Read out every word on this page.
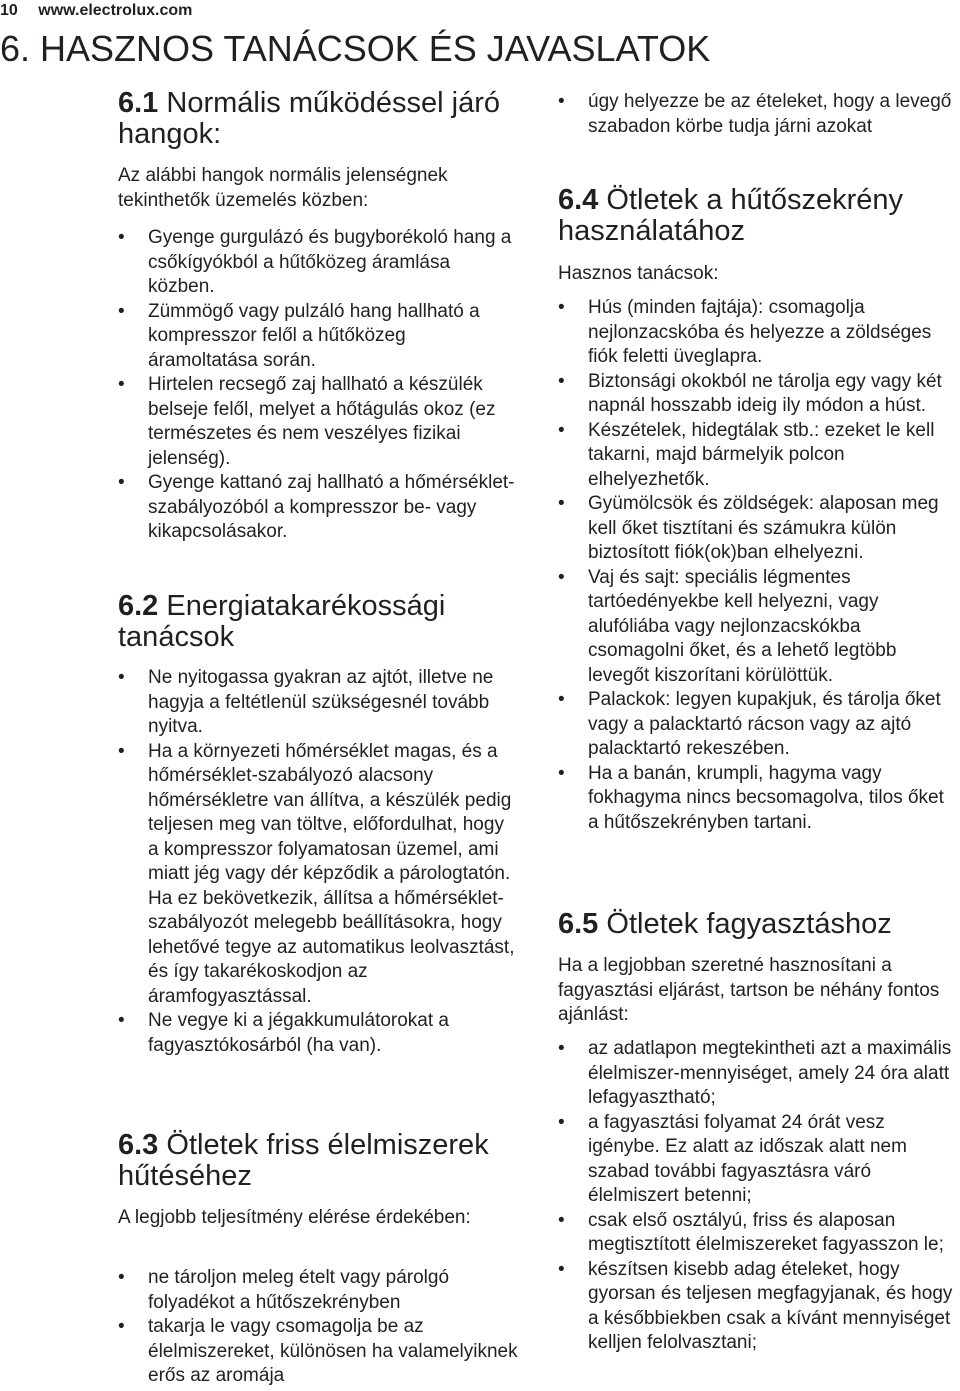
10 www.electrolux.com
6. HASZNOS TANÁCSOK ÉS JAVASLATOK
6.1 Normális működéssel járó hangok:

Az alábbi hangok normális jelenségnek tekinthetők üzemelés közben:

• Gyenge gurgulázó és bugyborékoló hang a csőkígyókból a hűtőközeg áramlása közben.
• Zümmögő vagy pulzáló hang hallható a kompresszor felől a hűtőközeg áramoltatása során.
• Hirtelen recsegő zaj hallható a készülék belseje felől, melyet a hőtágulás okoz (ez természetes és nem veszélyes fizikai jelenség).
• Gyenge kattanó zaj hallható a hőmérséklet-szabályozóból a kompresszor be- vagy kikapcsolásakor.
6.2 Energiatakarékossági tanácsok
• Ne nyitogassa gyakran az ajtót, illetve ne hagyja a feltétlenül szükségesnél tovább nyitva.
• Ha a környezeti hőmérséklet magas, és a hőmérséklet-szabályozó alacsony hőmérsékletre van állítva, a készülék pedig teljesen meg van töltve, előfordulhat, hogy a kompresszor folyamatosan üzemel, ami miatt jég vagy dér képződik a párologtatón. Ha ez bekövetkezik, állítsa a hőmérséklet-szabályozót melegebb beállításokra, hogy lehetővé tegye az automatikus leolvasztást, és így takarékoskodjon az áramfogyasztással.
• Ne vegye ki a jégakkumulátorokat a fagyasztókosárból (ha van).
6.3 Ötletek friss élelmiszerek hűtéséhez

A legjobb teljesítmény elérése érdekében:

• ne tároljon meleg ételt vagy párolgó folyadékot a hűtőszekrényben
• takarja le vagy csomagolja be az élelmiszereket, különösen ha valamelyiknek erős az aromája
• úgy helyezze be az ételeket, hogy a levegő szabadon körbe tudja járni azokat
6.4 Ötletek a hűtőszekrény használatához

Hasznos tanácsok:

• Hús (minden fajtája): csomagolja nejlonzacskóba és helyezze a zöldséges fiók feletti üveglapra.
• Biztonsági okokból ne tárolja egy vagy két napnál hosszabb ideig ily módon a húst.
• Készételek, hidegtálak stb.: ezeket le kell takarni, majd bármelyik polcon elhelyezhetők.
• Gyümölcsök és zöldségek: alaposan meg kell őket tisztítani és számukra külön biztosított fiók(ok)ban elhelyezni.
• Vaj és sajt: speciális légmentes tartóedényekbe kell helyezni, vagy alufóliába vagy nejlonzacskókba csomagolni őket, és a lehető legtöbb levegőt kiszorítani körülöttük.
• Palackok: legyen kupakjuk, és tárolja őket vagy a palacktartó rácson vagy az ajtó palacktartó rekeszében.
• Ha a banán, krumpli, hagyma vagy fokhagyma nincs becsomagolva, tilos őket a hűtőszekrényben tartani.
6.5 Ötletek fagyasztáshoz

Ha a legjobban szeretné hasznosítani a fagyasztási eljárást, tartson be néhány fontos ajánlást:

• az adatlapon megtekintheti azt a maximális élelmiszer-mennyiséget, amely 24 óra alatt lefagyasztható;
• a fagyasztási folyamat 24 órát vesz igénybe. Ez alatt az időszak alatt nem szabad további fagyasztásra váró élelmiszert betenni;
• csak első osztályú, friss és alaposan megtisztított élelmiszereket fagyasszon le;
• készítsen kisebb adag ételeket, hogy gyorsan és teljesen megfagyjanak, és hogy a későbbiekben csak a kívánt mennyiséget kelljen felolvasztani;
